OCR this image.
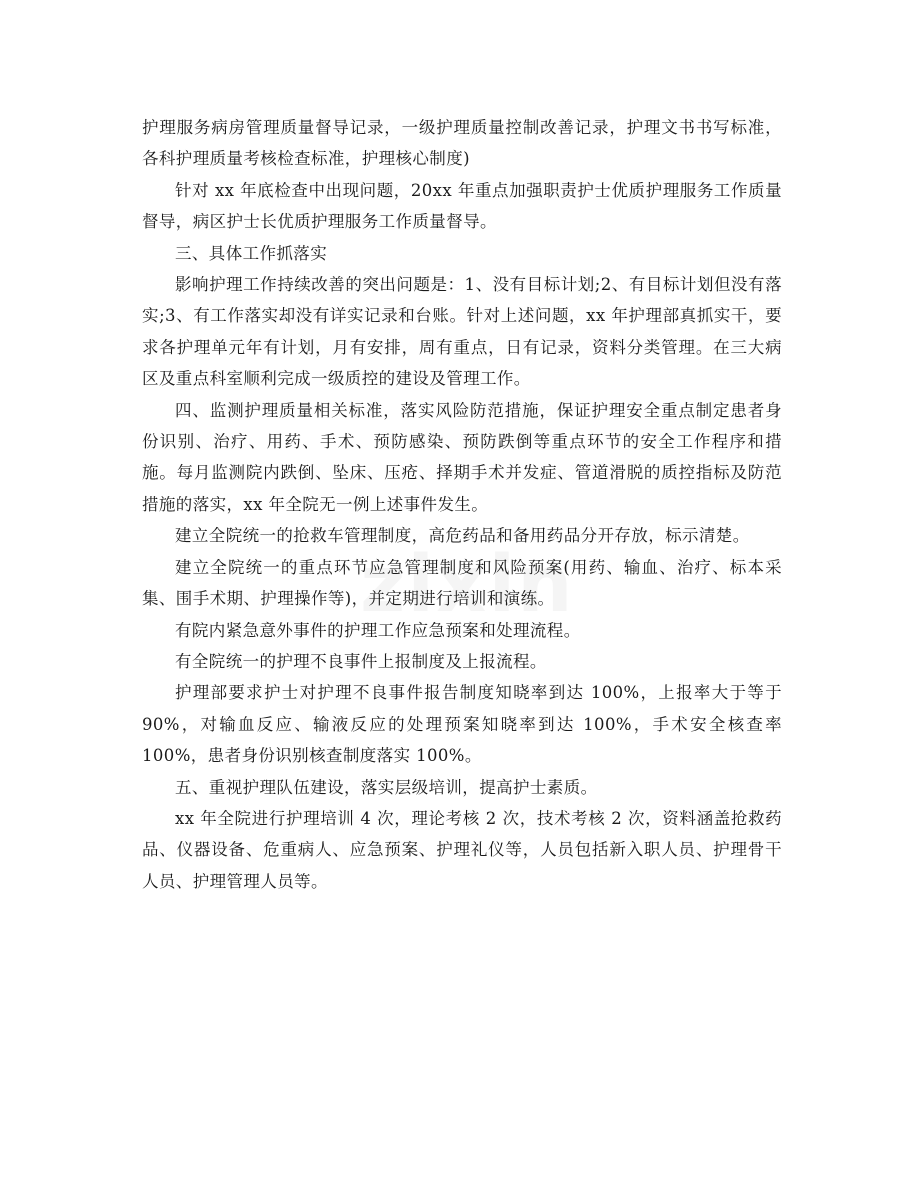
护理服务病房管理质量督导记录，一级护理质量控制改善记录，护理文书书写标准，各科护理质量考核检查标准，护理核心制度)

针对 xx 年底检查中出现问题，20xx 年重点加强职责护士优质护理服务工作质量督导，病区护士长优质护理服务工作质量督导。

三、具体工作抓落实

影响护理工作持续改善的突出问题是：1、没有目标计划;2、有目标计划但没有落实;3、有工作落实却没有详实记录和台账。针对上述问题，xx 年护理部真抓实干，要求各护理单元年有计划，月有安排，周有重点，日有记录，资料分类管理。在三大病区及重点科室顺利完成一级质控的建设及管理工作。

四、监测护理质量相关标准，落实风险防范措施，保证护理安全重点制定患者身份识别、治疗、用药、手术、预防感染、预防跌倒等重点环节的安全工作程序和措施。每月监测院内跌倒、坠床、压疮、择期手术并发症、管道滑脱的质控指标及防范措施的落实，xx 年全院无一例上述事件发生。

建立全院统一的抢救车管理制度，高危药品和备用药品分开存放，标示清楚。

建立全院统一的重点环节应急管理制度和风险预案(用药、输血、治疗、标本采集、围手术期、护理操作等)，并定期进行培训和演练。

有院内紧急意外事件的护理工作应急预案和处理流程。

有全院统一的护理不良事件上报制度及上报流程。

护理部要求护士对护理不良事件报告制度知晓率到达 100%，上报率大于等于 90%，对输血反应、输液反应的处理预案知晓率到达 100%，手术安全核查率 100%，患者身份识别核查制度落实 100%。

五、重视护理队伍建设，落实层级培训，提高护士素质。

xx 年全院进行护理培训 4 次，理论考核 2 次，技术考核 2 次，资料涵盖抢救药品、仪器设备、危重病人、应急预案、护理礼仪等，人员包括新入职人员、护理骨干人员、护理管理人员等。
